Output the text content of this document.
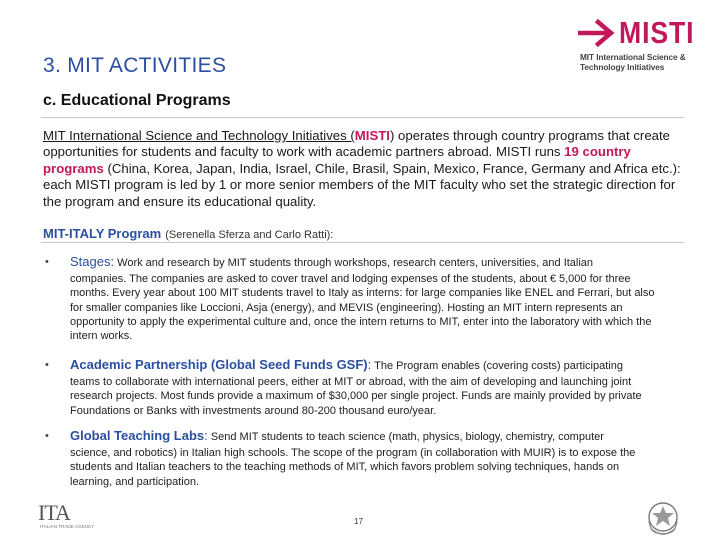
MISTI
MIT International Science &
Technology Initiatives
3. MIT ACTIVITIES
c. Educational Programs
MIT International Science and Technology Initiatives (MISTI) operates through country programs that create opportunities for students and faculty to work with academic partners abroad. MISTI runs 19 country programs (China, Korea, Japan, India, Israel, Chile, Brasil, Spain, Mexico, France, Germany and Africa etc.): each MISTI program is led by 1 or more senior members of the MIT faculty who set the strategic direction for the program and ensure its educational quality.
MIT-ITALY Program (Serenella Sferza and Carlo Ratti):
• Stages: Work and research by MIT students through workshops, research centers, universities, and Italian
companies. The companies are asked to cover travel and lodging expenses of the students, about € 5,000 for three months. Every year about 100 MIT students travel to Italy as interns: for large companies like ENEL and Ferrari, but also for smaller companies like Loccioni, Asja (energy), and MEVIS (engineering). Hosting an MIT intern represents an opportunity to apply the experimental culture and, once the intern returns to MIT, enter into the laboratory with which the intern works.
• Academic Partnership (Global Seed Funds GSF): The Program enables (covering costs) participating
teams to collaborate with international peers, either at MIT or abroad, with the aim of developing and launching joint research projects. Most funds provide a maximum of $30,000 per single project. Funds are mainly provided by private Foundations or Banks with investments around 80-200 thousand euro/year.
• Global Teaching Labs: Send MIT students to teach science (math, physics, biology, chemistry, computer
science, and robotics) in Italian high schools. The scope of the program (in collaboration with MUIR) is to expose the students and Italian teachers to the teaching methods of MIT, which favors problem solving techniques, hands on learning, and participation.
ITA
ITALIAN TRADE AGENCY
17
